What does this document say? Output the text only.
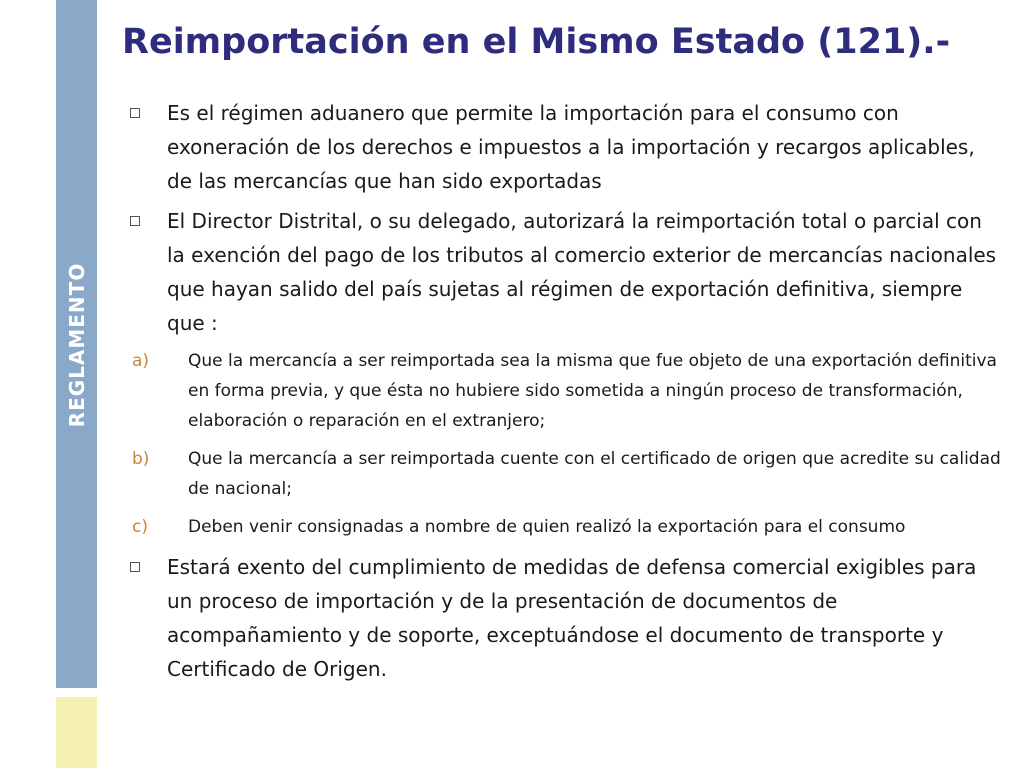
REGLAMENTO
Reimportación en el Mismo Estado (121).-
Es el régimen aduanero que permite la importación para el consumo con exoneración de los derechos e impuestos a la importación y recargos aplicables, de las mercancías que han sido exportadas
El Director Distrital, o su delegado, autorizará la reimportación total o parcial con la exención del pago de los tributos al comercio exterior de mercancías nacionales que hayan salido del país sujetas al régimen de exportación definitiva, siempre que :
a) Que la mercancía a ser reimportada sea la misma que fue objeto de una exportación definitiva en forma previa, y que ésta no hubiere sido sometida a ningún proceso de transformación, elaboración o reparación en el extranjero;
b) Que la mercancía a ser reimportada cuente con el certificado de origen que acredite su calidad de nacional;
c) Deben venir consignadas a nombre de quien realizó la exportación para el consumo
Estará exento del cumplimiento de medidas de defensa comercial exigibles para un proceso de importación y de la presentación de documentos de acompañamiento y de soporte, exceptuándose el documento de transporte y Certificado de Origen.
